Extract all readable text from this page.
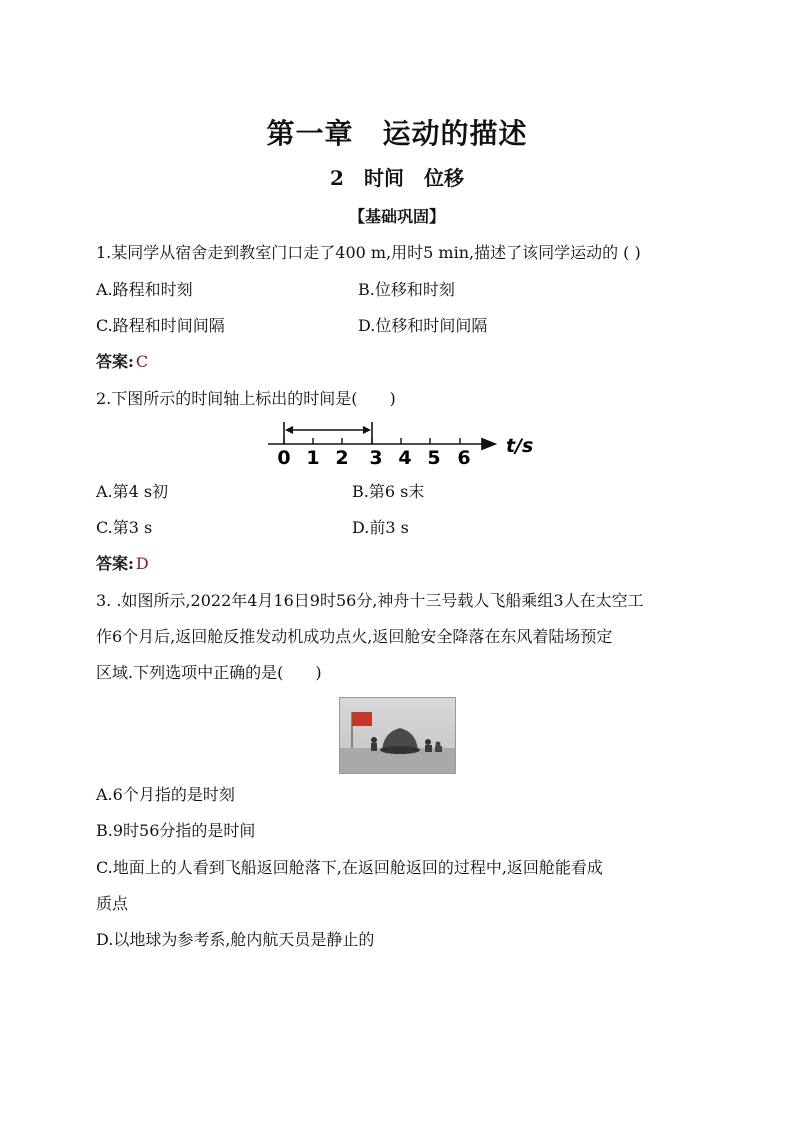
第一章　运动的描述
2　时间　位移
【基础巩固】
1.某同学从宿舍走到教室门口走了400 m,用时5 min,描述了该同学运动的 ( )
A.路程和时刻	B.位移和时刻
C.路程和时间间隔	D.位移和时间间隔
答案: C
2.下图所示的时间轴上标出的时间是(　　)
0 1 2 3 4 5 6
t/s
A.第4 s初	B.第6 s末
C.第3 s	D.前3 s
答案: D
3. .如图所示,2022年4月16日9时56分,神舟十三号载人飞船乘组3人在太空工
作6个月后,返回舱反推发动机成功点火,返回舱安全降落在东风着陆场预定
区域.下列选项中正确的是(　　)
A.6个月指的是时刻
B.9时56分指的是时间
C.地面上的人看到飞船返回舱落下,在返回舱返回的过程中,返回舱能看成
质点
D.以地球为参考系,舱内航天员是静止的
